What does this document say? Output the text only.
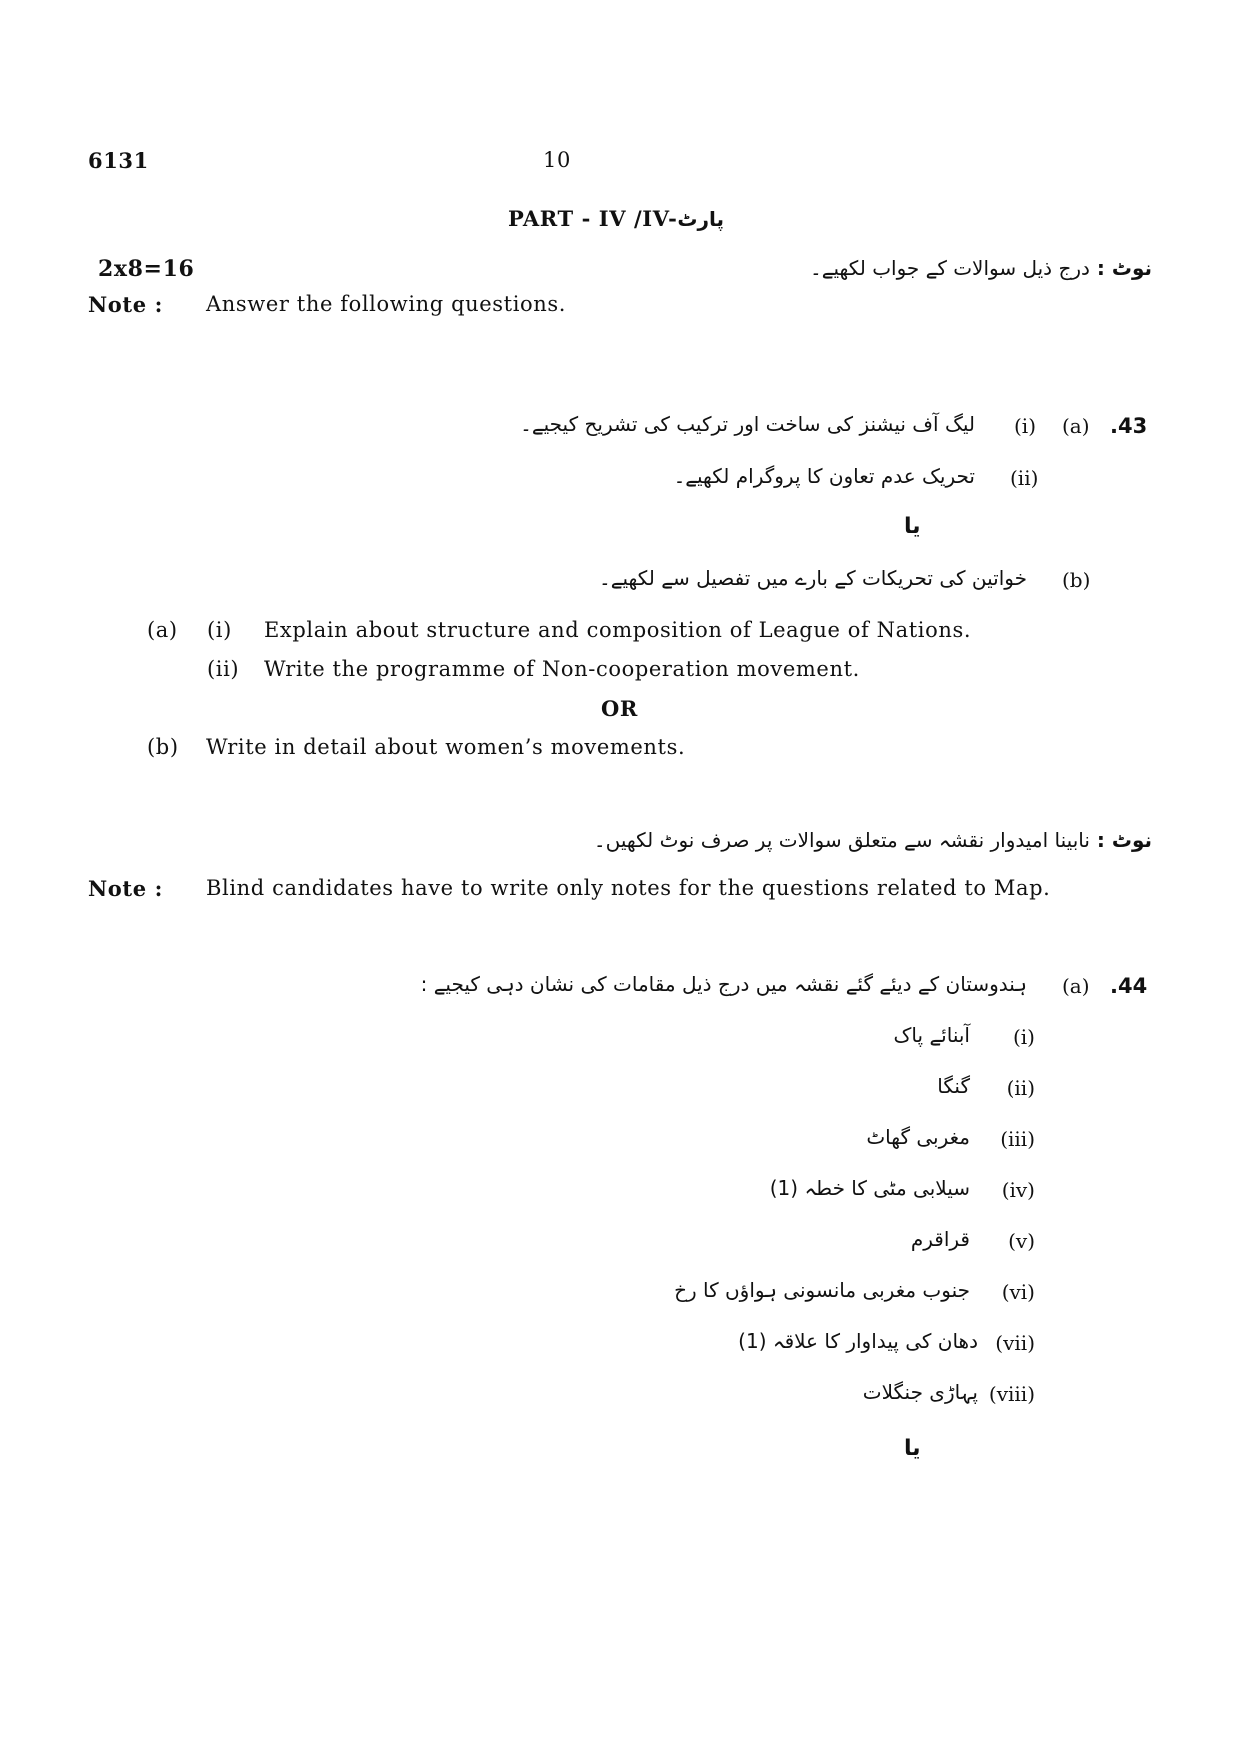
6131	10
PART - IV /IV-پارٹ
2x8=16	نوٹ : درج ذیل سوالات کے جواب لکھیے۔
Note : Answer the following questions.
.43
(a)
(i)
لیگ آف نیشنز کی ساخت اور ترکیب کی تشریح کیجیے۔
(ii)
تحریک عدم تعاون کا پروگرام لکھیے۔
یا
(b)
خواتین کی تحریکات کے بارے میں تفصیل سے لکھیے۔
(a) (i) Explain about structure and composition of League of Nations.
(ii) Write the programme of Non-cooperation movement.
OR
(b) Write in detail about women’s movements.
نوٹ : نابینا امیدوار نقشہ سے متعلق سوالات پر صرف نوٹ لکھیں۔
Note : Blind candidates have to write only notes for the questions related to Map.
.44
(a)
ہندوستان کے دیئے گئے نقشہ میں درج ذیل مقامات کی نشان دہی کیجیے :
(i)
آبنائے پاک
(ii)
گنگا
(iii)
مغربی گھاٹ
(iv)
سیلابی مٹی کا خطہ (1)
(v)
قراقرم
(vi)
جنوب مغربی مانسونی ہواؤں کا رخ
(vii)
دھان کی پیداوار کا علاقہ (1)
(viii)
پہاڑی جنگلات
یا
